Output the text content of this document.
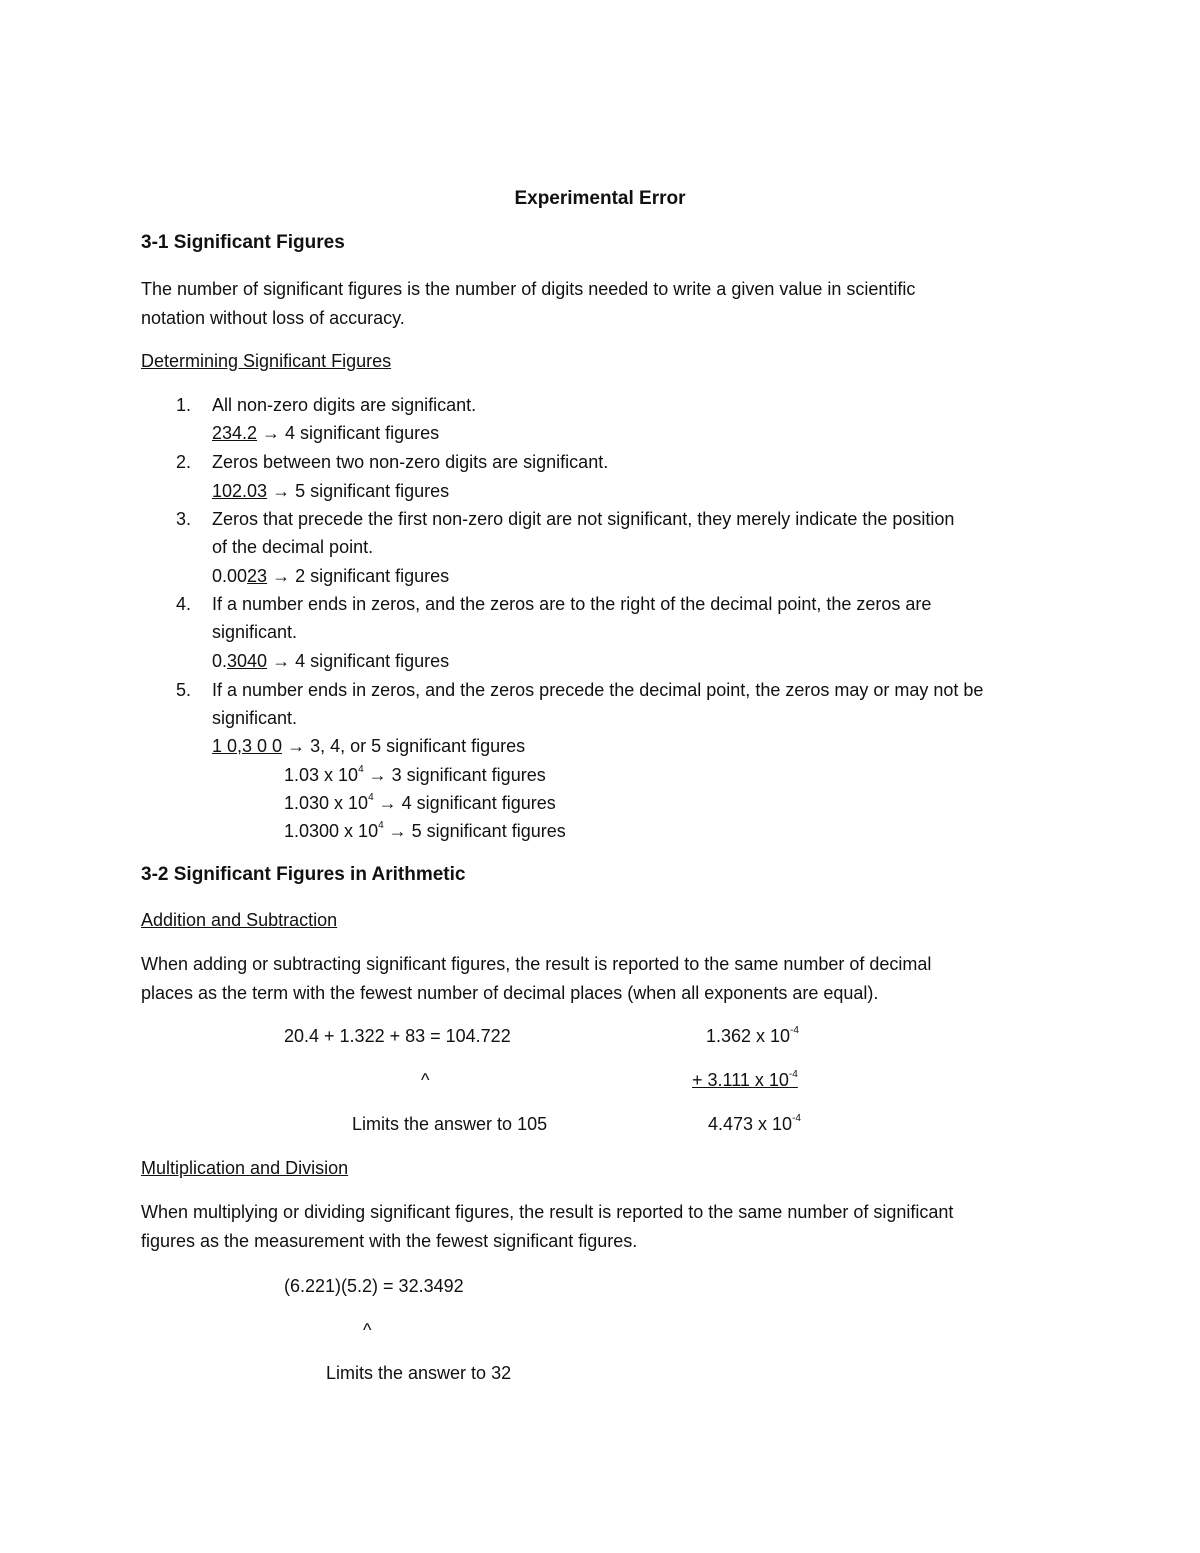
Experimental Error
3-1 Significant Figures
The number of significant figures is the number of digits needed to write a given value in scientific
notation without loss of accuracy.
Determining Significant Figures
1. All non-zero digits are significant.
234.2 → 4 significant figures
2. Zeros between two non-zero digits are significant.
102.03 → 5 significant figures
3. Zeros that precede the first non-zero digit are not significant, they merely indicate the position
of the decimal point.
0.0023 → 2 significant figures
4. If a number ends in zeros, and the zeros are to the right of the decimal point, the zeros are
significant.
0.3040 → 4 significant figures
5. If a number ends in zeros, and the zeros precede the decimal point, the zeros may or may not be
significant.
1 0,3 0 0 → 3, 4, or 5 significant figures
1.03 x $10^4 \to 3$ significant figures
1.030 x $10^4 \to 4$ significant figures
1.0300 x $10^4 \to 5$ significant figures
3-2 Significant Figures in Arithmetic
Addition and Subtraction
When adding or subtracting significant figures, the result is reported to the same number of decimal
places as the term with the fewest number of decimal places (when all exponents are equal).
20.4 + 1.322 + 83 = 104.722	1.362 x $10^{-4}$
^	+ 3.111 x $10^{-4}$
Limits the answer to 105	4.473 x $10^{-4}$
Multiplication and Division
When multiplying or dividing significant figures, the result is reported to the same number of significant
figures as the measurement with the fewest significant figures.
(6.221)(5.2) = 32.3492
^
Limits the answer to 32
